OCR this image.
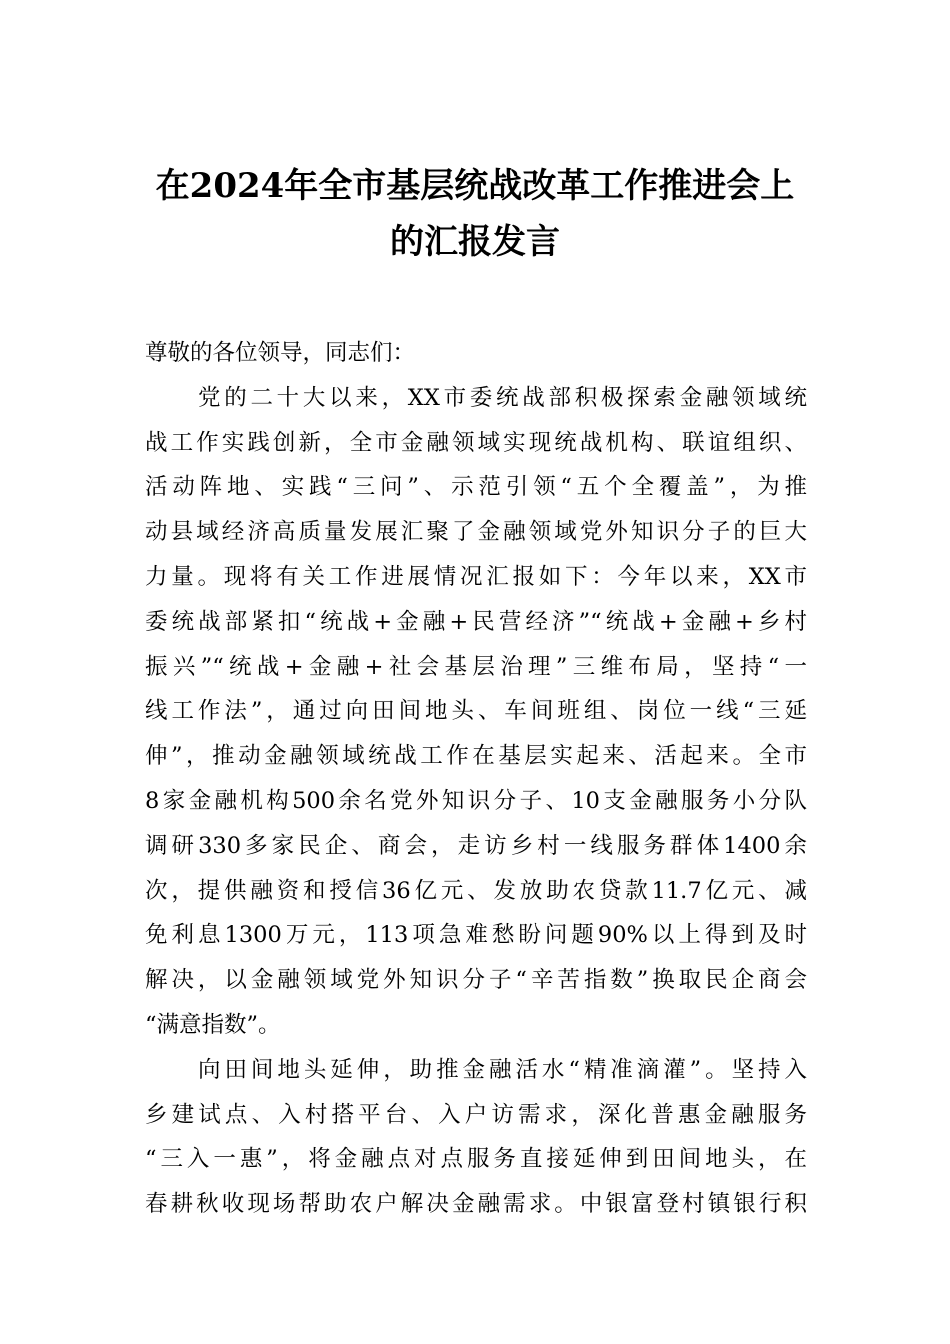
在2024年全市基层统战改革工作推进会上
的汇报发言
尊敬的各位领导，同志们：
党的二十大以来，XX市委统战部积极探索金融领域统
战工作实践创新，全市金融领域实现统战机构、联谊组织、
活动阵地、实践“三问”、示范引领“五个全覆盖”，为推
动县域经济高质量发展汇聚了金融领域党外知识分子的巨大
力量。现将有关工作进展情况汇报如下：今年以来，XX市
委统战部紧扣“统战+金融+民营经济”“统战+金融+乡村
振兴”“统战+金融+社会基层治理”三维布局，坚持“一
线工作法”，通过向田间地头、车间班组、岗位一线“三延
伸”，推动金融领域统战工作在基层实起来、活起来。全市
8家金融机构500余名党外知识分子、10支金融服务小分队
调研330多家民企、商会，走访乡村一线服务群体1400余
次，提供融资和授信36亿元、发放助农贷款11.7亿元、减
免利息1300万元，113项急难愁盼问题90%以上得到及时
解决，以金融领域党外知识分子“辛苦指数”换取民企商会
“满意指数”。
向田间地头延伸，助推金融活水“精准滴灌”。坚持入
乡建试点、入村搭平台、入户访需求，深化普惠金融服务
“三入一惠”，将金融点对点服务直接延伸到田间地头，在
春耕秋收现场帮助农户解决金融需求。中银富登村镇银行积
